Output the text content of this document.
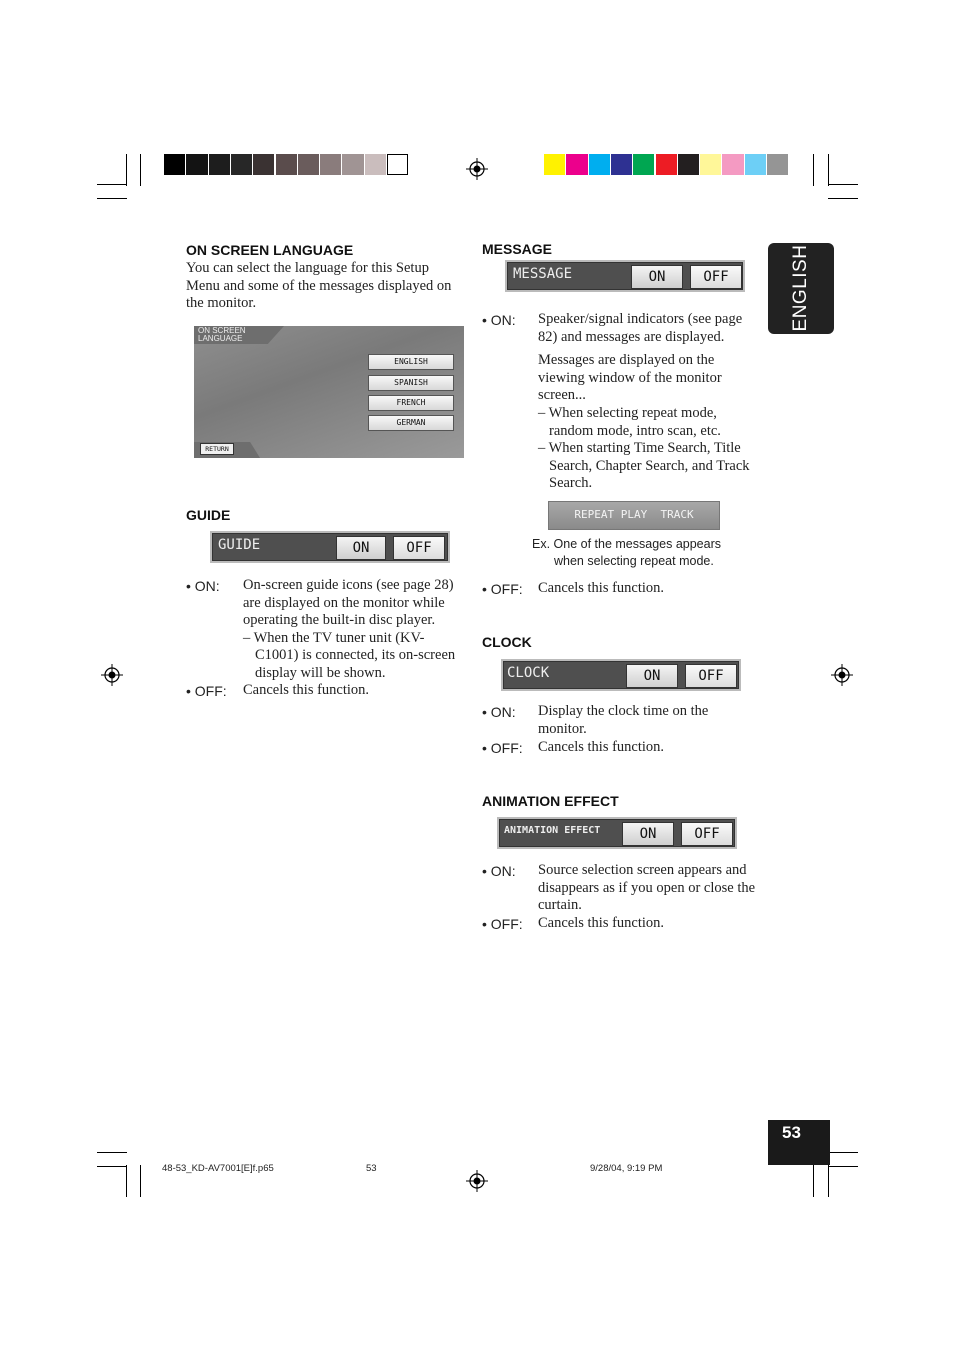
ENGLISH
ON SCREEN LANGUAGE
You can select the language for this Setup Menu and some of the messages displayed on the monitor.
ON SCREEN
LANGUAGE
ENGLISH
SPANISH
FRENCH
GERMAN
RETURN
GUIDE
GUIDE	ON	OFF
• ON: On-screen guide icons (see page 28) are displayed on the monitor while operating the built-in disc player.
– When the TV tuner unit (KV-C1001) is connected, its on-screen display will be shown.
• OFF: Cancels this function.
MESSAGE
MESSAGE	ON	OFF
• ON: Speaker/signal indicators (see page 82) and messages are displayed.
Messages are displayed on the viewing window of the monitor screen...
– When selecting repeat mode, random mode, intro scan, etc.
– When starting Time Search, Title Search, Chapter Search, and Track Search.
REPEAT PLAY  TRACK
Ex. One of the messages appears
when selecting repeat mode.
• OFF: Cancels this function.
CLOCK
CLOCK	ON	OFF
• ON: Display the clock time on the monitor.
• OFF: Cancels this function.
ANIMATION EFFECT
ANIMATION EFFECT	ON	OFF
• ON: Source selection screen appears and disappears as if you open or close the curtain.
• OFF: Cancels this function.
53
48-53_KD-AV7001[E]f.p65	53	9/28/04, 9:19 PM
